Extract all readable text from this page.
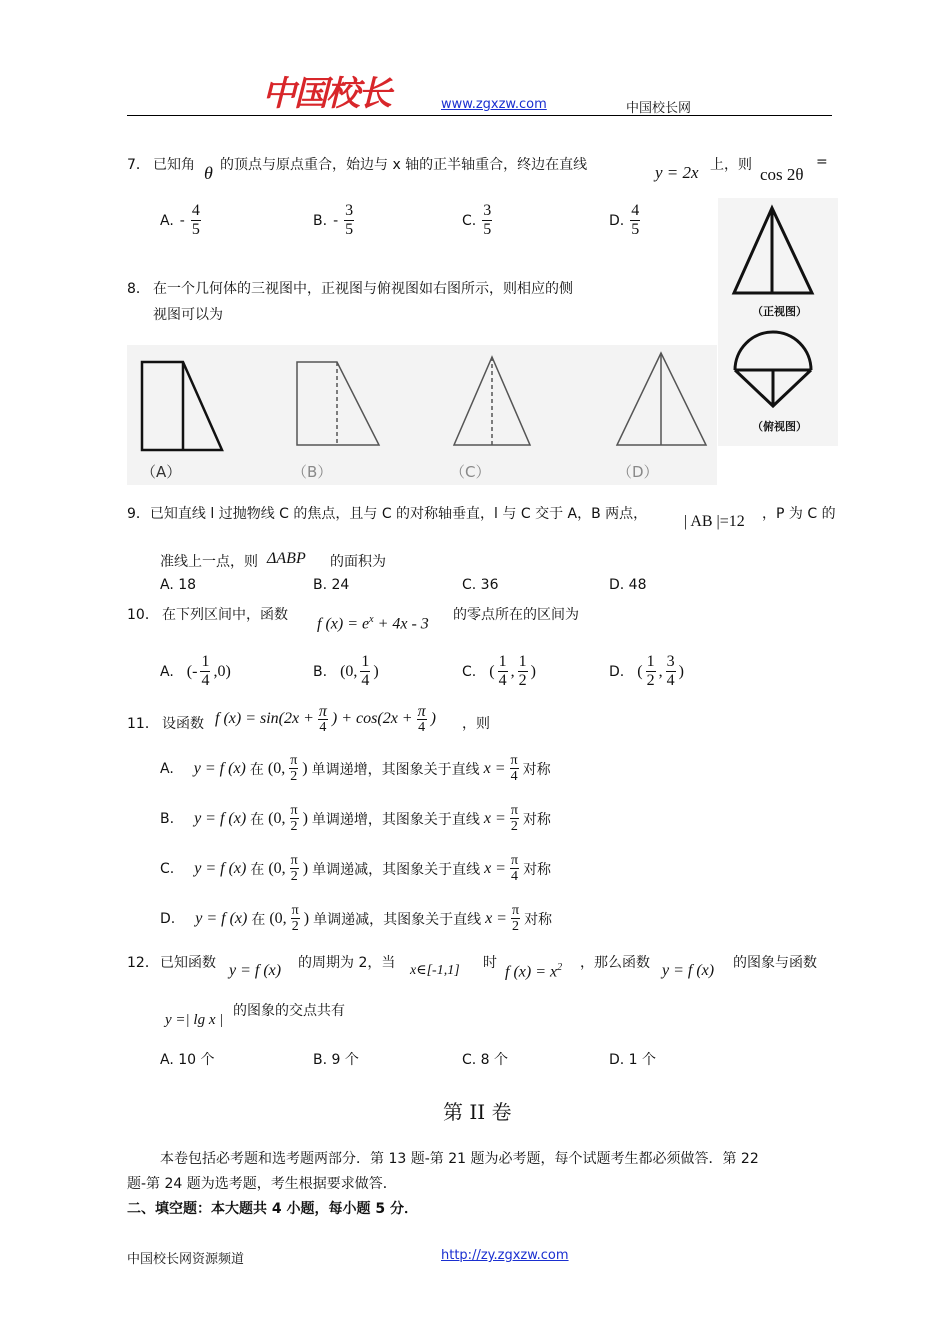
中国校长	www.zgxzw.com	中国校长网
7． 已知角 θ 的顶点与原点重合，始边与 x 轴的正半轴重合，终边在直线	y = 2x 上，则 cos 2θ
=
A. - $\frac{4}{5}$	B. - $\frac{3}{5}$	C. $\frac{3}{5}$	D. $\frac{4}{5}$
（正视图）
（俯视图）
8． 在一个几何体的三视图中，正视图与俯视图如右图所示，则相应的侧
视图可以为
（A）	（B）	（C）	（D）
9．已知直线 l 过抛物线 C 的焦点，且与 C 的对称轴垂直，l 与 C 交于 A，B 两点， | AB |=12 ，P 为 C 的
准线上一点，则 ΔABP 的面积为
A. 18	B. 24	C. 36	D. 48
10． 在下列区间中，函数
f $(x) = e^x + 4x - 3$
的零点所在的区间为
A. (- $\frac{1}{4} ,0$)	B. (0, $\frac{1}{4}$ )	C. ( $\frac{1}{4}$ , $\frac{1}{2}$ )	D. ( $\frac{1}{2}$ , $\frac{3}{4}$ )
11． 设函数 f $(x) = \sin(2x + \frac{\pi}{4}$ ) + $\cos(2x + \frac{\pi}{4}$ ) ，则
A. y = f (x) 在 (0, $\frac{\pi}{2}$ ) 单调递增，其图象关于直线 $x = \frac{\pi}{4}$ 对称
B. y = f (x) 在 (0, $\frac{\pi}{2}$ ) 单调递增，其图象关于直线 $x = \frac{\pi}{2}$ 对称
C. y = f (x) 在 (0, $\frac{\pi}{2}$ ) 单调递减，其图象关于直线 $x = \frac{\pi}{4}$ 对称
D. y = f (x) 在 (0, $\frac{\pi}{2}$ ) 单调递减，其图象关于直线 $x = \frac{\pi}{2}$ 对称
12． 已知函数 y = f (x) 的周期为 2，当 x∈[-1,1] 时
f $(x) = x^2$ ，那么函数 y = f (x) 的图象与函数
y =| lg x |
的图象的交点共有
A. 10 个	B. 9 个	C. 8 个	D. 1 个
第 II 卷
本卷包括必考题和选考题两部分．第 13 题-第 21 题为必考题，每个试题考生都必须做答．第 22
题-第 24 题为选考题，考生根据要求做答．
二、填空题：本大题共 4 小题，每小题 5 分．
中国校长网资源频道	http://zy.zgxzw.com
